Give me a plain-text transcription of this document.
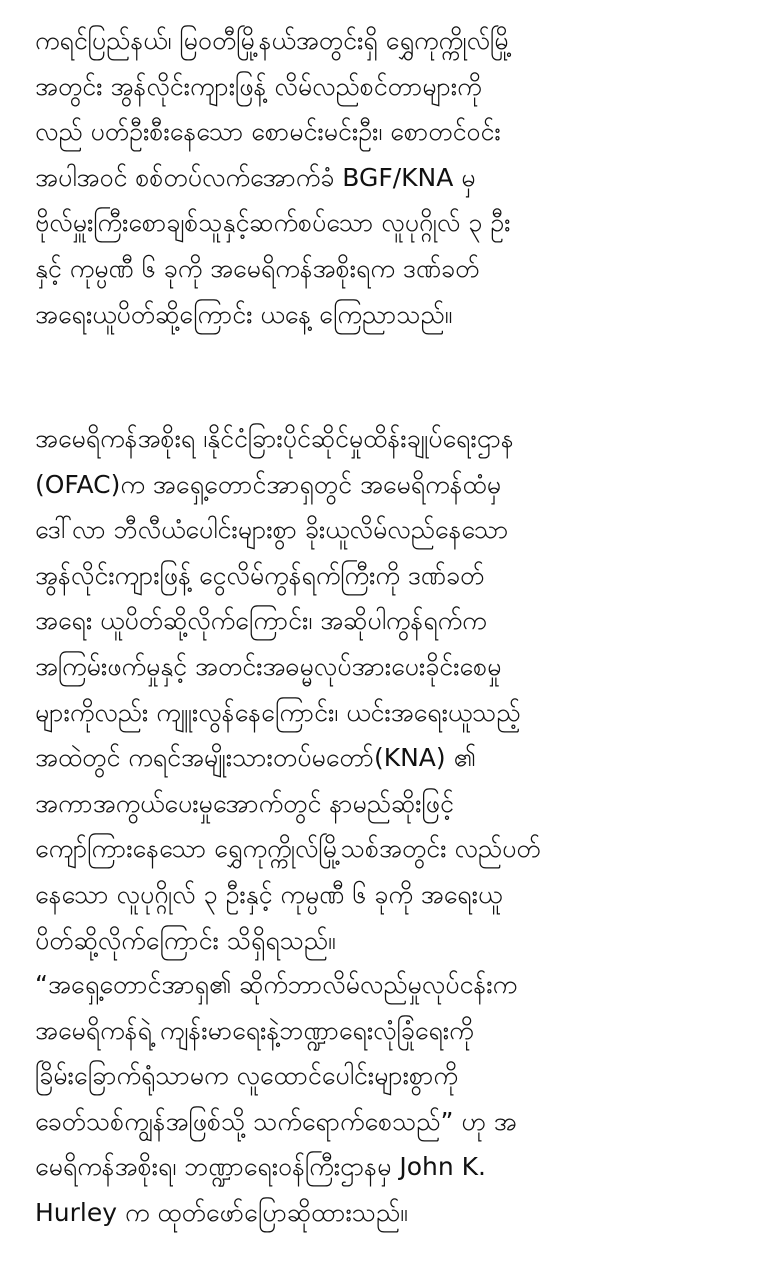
ကရင်ပြည်နယ်၊ မြဝတီမြို့နယ်အတွင်းရှိ ရွှေကုက္ကိုလ်မြို့
အတွင်း အွန်လိုင်းကျားဖြန့် လိမ်လည်စင်တာများကို
လည် ပတ်ဦးစီးနေသော စောမင်းမင်းဦး၊ စောတင်ဝင်း
အပါအဝင် စစ်တပ်လက်အောက်ခံ BGF/KNA မှ
ဗိုလ်မှူးကြီးစောချစ်သူနှင့်ဆက်စပ်သော လူပုဂ္ဂိုလ် ၃ ဦး
နှင့် ကုမ္ပဏီ ၆ ခုကို အမေရိကန်အစိုးရက ဒဏ်ခတ်
အရေးယူပိတ်ဆို့ကြောင်း ယနေ့ ကြေညာသည်။
အမေရိကန်အစိုးရ ၊နိုင်ငံခြားပိုင်ဆိုင်မှုထိန်းချုပ်ရေးဌာန
(OFAC)က အရှေ့တောင်အာရှတွင် အမေရိကန်ထံမှ
ဒေါ်လာ ဘီလီယံပေါင်းများစွာ ခိုးယူလိမ်လည်နေသော
အွန်လိုင်းကျားဖြန့် ငွေလိမ်ကွန်ရက်ကြီးကို ဒဏ်ခတ်
အရေး ယူပိတ်ဆို့လိုက်ကြောင်း၊ အဆိုပါကွန်ရက်က
အကြမ်းဖက်မှုနှင့် အတင်းအဓမ္မလုပ်အားပေးခိုင်းစေမှု
များကိုလည်း ကျူးလွန်နေကြောင်း၊ ယင်းအရေးယူသည့်
အထဲတွင် ကရင်အမျိုးသားတပ်မတော်(KNA) ၏
အကာအကွယ်ပေးမှုအောက်တွင် နာမည်ဆိုးဖြင့်
ကျော်ကြားနေသော ရွှေကုက္ကိုလ်မြို့သစ်အတွင်း လည်ပတ်
နေသော လူပုဂ္ဂိုလ် ၃ ဦးနှင့် ကုမ္ပဏီ ၆ ခုကို အရေးယူ
ပိတ်ဆို့လိုက်ကြောင်း သိရှိရသည်။
“အရှေ့တောင်အာရှ၏ ဆိုက်ဘာလိမ်လည်မှုလုပ်ငန်းက
အမေရိကန်ရဲ့ ကျန်းမာရေးနဲ့ဘဏ္ဍာရေးလုံခြုံရေးကို
ခြိမ်းခြောက်ရုံသာမက လူထောင်ပေါင်းများစွာကို
ခေတ်သစ်ကျွန်အဖြစ်သို့ သက်ရောက်စေသည်” ဟု အ
မေရိကန်အစိုးရ၊ ဘဏ္ဍာရေးဝန်ကြီးဌာနမှ John K.
Hurley က ထုတ်ဖော်ပြောဆိုထားသည်။
